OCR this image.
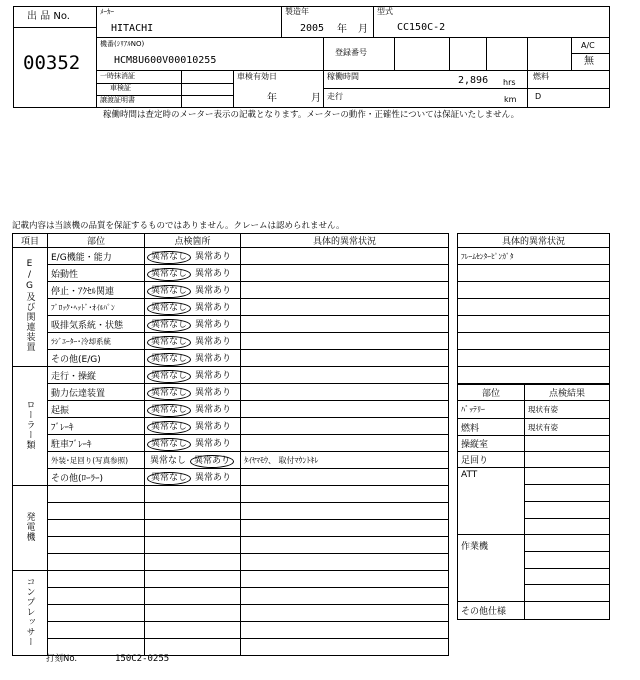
出 品 No.
00352
ﾒｰｶｰ
HITACHI
製造年
2005 年 月
型式
CC150C-2
A/C
無
機番(ｼﾘｱﾙNO)
HCM8U600V00010255
登録番号
一時抹消証
車検証
譲渡証明書
車検有効日
年	月
稼働時間	2,896 hrs
走行	km
燃料
D
稼働時間は査定時のメーター表示の記載となります。メーターの動作・正確性については保証いたしません。
記載内容は当該機の品質を保証するものではありません。クレームは認められません。
項目	部位	点検箇所	具体的異常状況
E/G及び関連装置	E/G機能・能力	異常なし 異常あり	
	始動性	異常なし 異常あり	
	停止・ｱｸｾﾙ関連	異常なし 異常あり	
	ﾌﾞﾛｯｸ･ﾍｯﾄﾞ･ｵｲﾙﾊﾟﾝ	異常なし 異常あり	
	吸排気系統・状態	異常なし 異常あり	
	ﾗｼﾞｴｰﾀｰ･冷却系統	異常なし 異常あり	
	その他(E/G)	異常なし 異常あり	
ローラー類	走行・操縦	異常なし 異常あり	
	動力伝達装置	異常なし 異常あり	
	起振	異常なし 異常あり	
	ﾌﾞﾚｰｷ	異常なし 異常あり	
	駐車ﾌﾞﾚｰｷ	異常なし 異常あり	
	外装･足回り(写真参照)	異常なし 異常あり	ﾀｲﾔﾏﾓｳ、 取付ﾏｳﾝﾄｷﾚ
	その他(ﾛｰﾗｰ)	異常なし 異常あり	
発電機			

コンプレッサー			

具体的異常状況
ﾌﾚｰﾑｾﾝﾀｰﾋﾟﾝｶﾞﾀ

部位	点検結果
ﾊﾞｯﾃﾘｰ	現状有姿
燃料	現状有姿
操縦室	
足回り	
ATT	

作業機	

その他仕様	
打刻No.	150C2-0255
